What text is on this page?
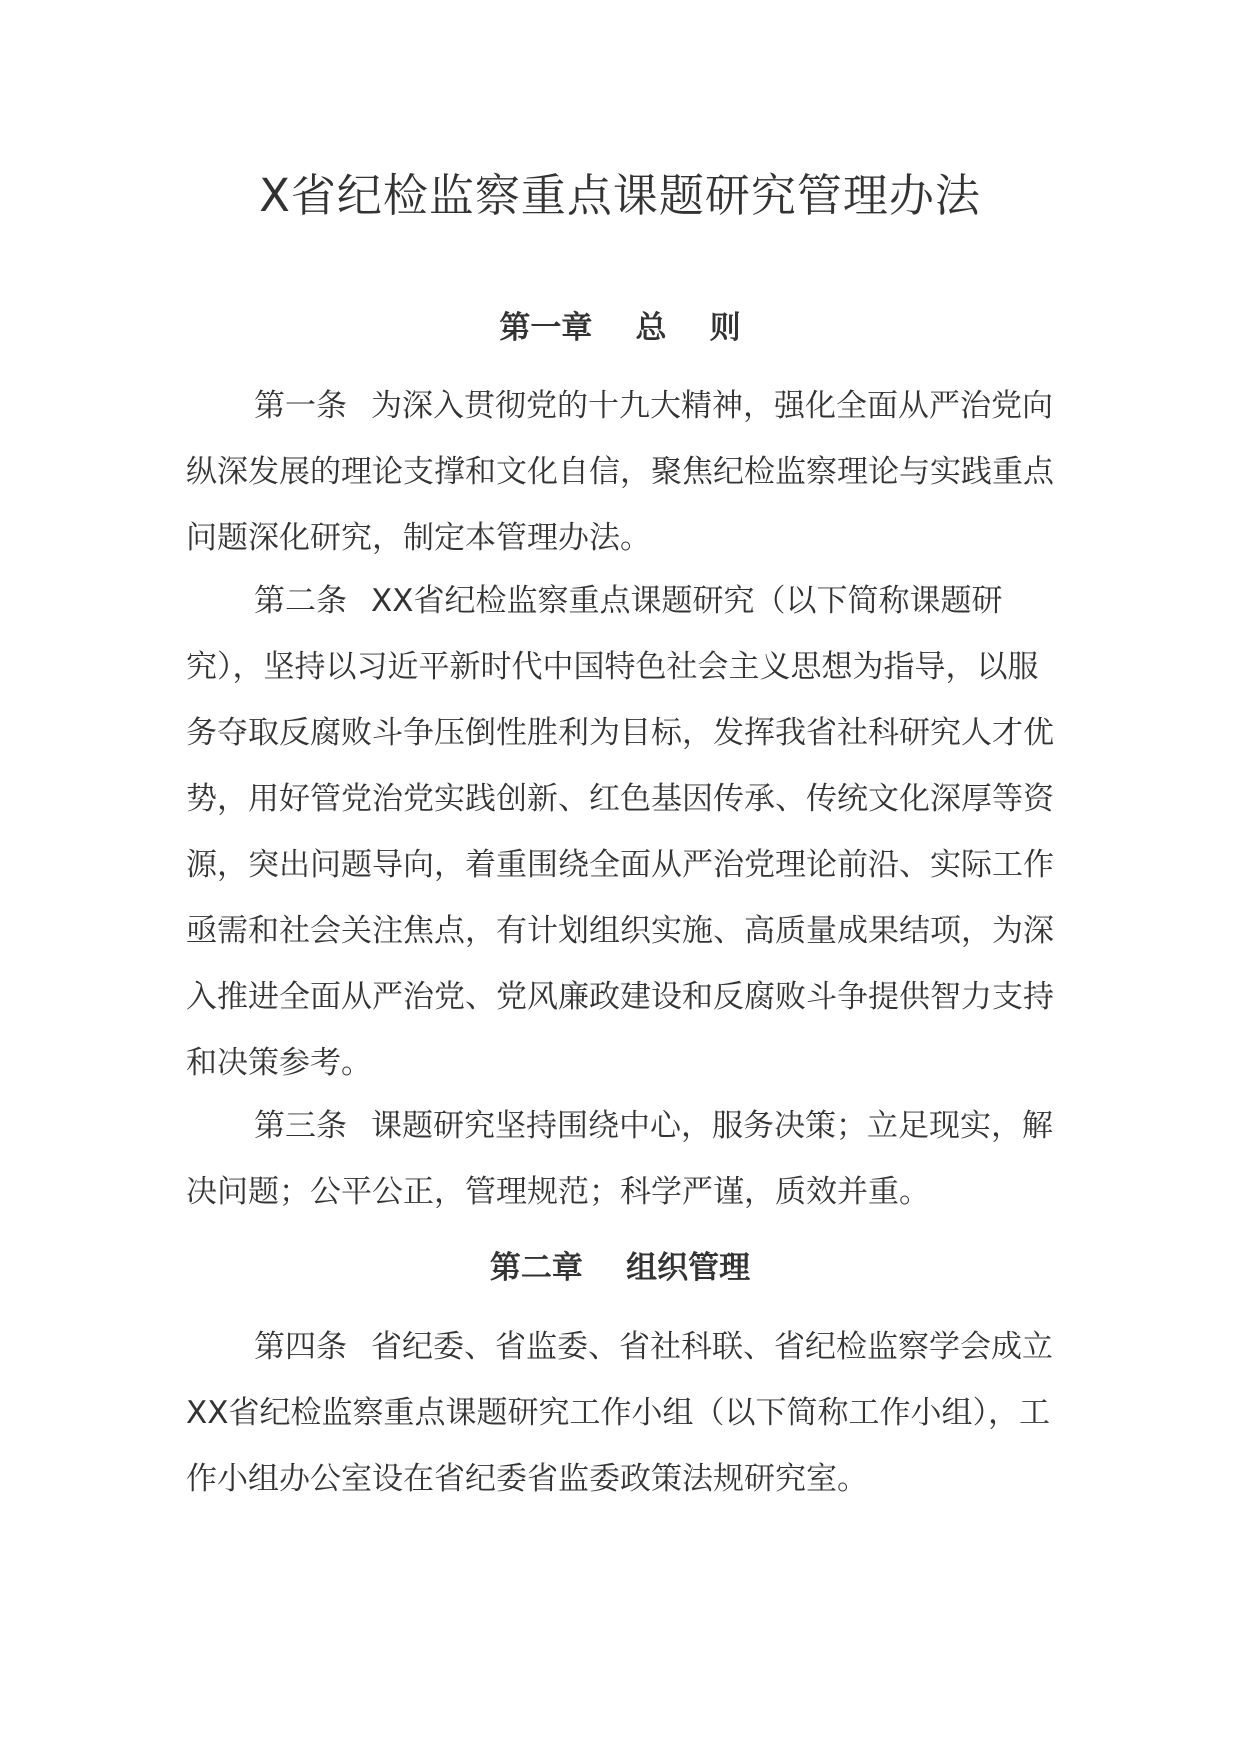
X省纪检监察重点课题研究管理办法
第一章    总    则

第一条 为深入贯彻党的十九大精神，强化全面从严治党向纵深发展的理论支撑和文化自信，聚焦纪检监察理论与实践重点问题深化研究，制定本管理办法。

第二条 XX省纪检监察重点课题研究（以下简称课题研究），坚持以习近平新时代中国特色社会主义思想为指导，以服务夺取反腐败斗争压倒性胜利为目标，发挥我省社科研究人才优势，用好管党治党实践创新、红色基因传承、传统文化深厚等资源，突出问题导向，着重围绕全面从严治党理论前沿、实际工作亟需和社会关注焦点，有计划组织实施、高质量成果结项，为深入推进全面从严治党、党风廉政建设和反腐败斗争提供智力支持和决策参考。

第三条 课题研究坚持围绕中心，服务决策；立足现实，解决问题；公平公正，管理规范；科学严谨，质效并重。

第二章    组织管理

第四条 省纪委、省监委、省社科联、省纪检监察学会成立XX省纪检监察重点课题研究工作小组（以下简称工作小组），工作小组办公室设在省纪委省监委政策法规研究室。
